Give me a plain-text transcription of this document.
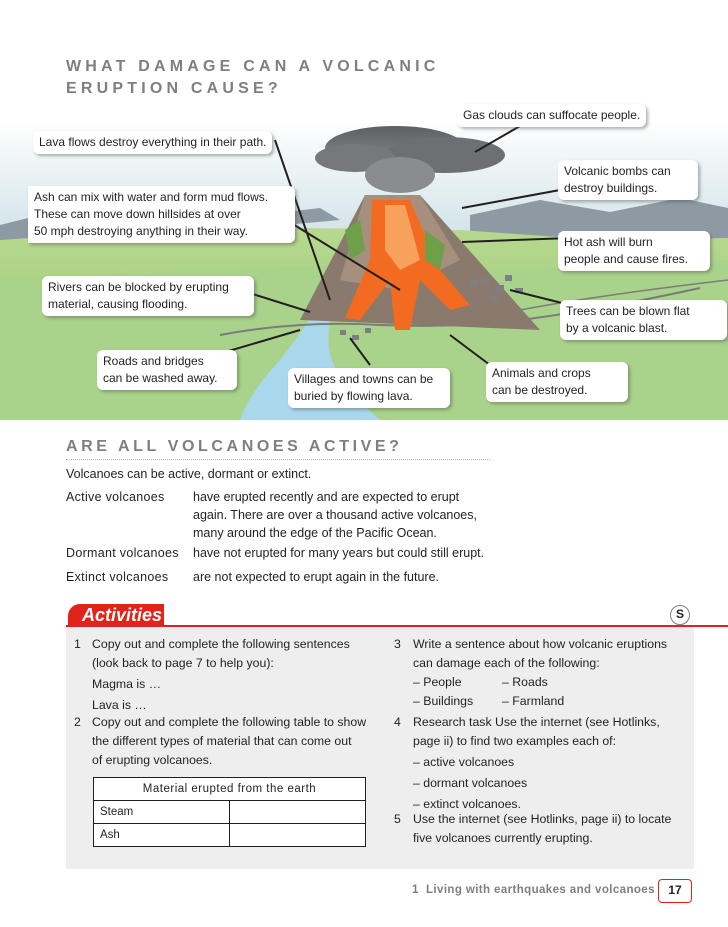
WHAT DAMAGE CAN A VOLCANIC
ERUPTION CAUSE?
Gas clouds can suffocate people.
Lava flows destroy everything in their path.
Volcanic bombs can
destroy buildings.
Ash can mix with water and form mud flows.
These can move down hillsides at over
50 mph destroying anything in their way.
Hot ash will burn
people and cause fires.
Rivers can be blocked by erupting
material, causing flooding.	Trees can be blown flat
by a volcanic blast.
Roads and bridges
can be washed away.	Villages and towns can be
buried by flowing lava.
Animals and crops
can be destroyed.
ARE ALL VOLCANOES ACTIVE?
Volcanoes can be active, dormant or extinct.
Active volcanoes have erupted recently and are expected to erupt
again. There are over a thousand active volcanoes,
many around the edge of the Pacific Ocean.
Dormant volcanoes have not erupted for many years but could still erupt.
Extinct volcanoes are not expected to erupt again in the future.
Activities	S
1 Copy out and complete the following sentences
(look back to page 7 to help you):
Magma is …
Lava is …
2 Copy out and complete the following table to show
the different types of material that can come out
of erupting volcanoes.
Material erupted from the earth	
Steam	
Ash	
3 Write a sentence about how volcanic eruptions
can damage each of the following:
– People	– Roads
– Buildings – Farmland
4 Research task Use the internet (see Hotlinks,
page ii) to find two examples each of:
– active volcanoes
– dormant volcanoes
– extinct volcanoes.
5 Use the internet (see Hotlinks, page ii) to locate
five volcanoes currently erupting.
1 Living with earthquakes and volcanoes	17
